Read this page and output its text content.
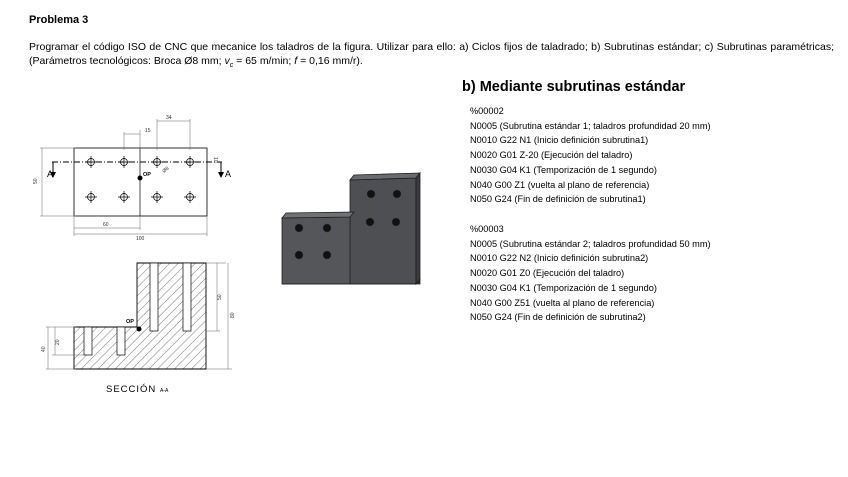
Problema 3
Programar el código ISO de CNC que mecanice los taladros de la figura. Utilizar para ello: a) Ciclos fijos de taladrado; b) Subrutinas estándar; c) Subrutinas paramétricas; (Parámetros tecnológicos: Broca Ø8 mm; $v_c = 65$ m/min; f = 0,16 mm/r).
b) Mediante subrutinas estándar
%00002
N0005 (Subrutina estándar 1; taladros profundidad 20 mm)
N0010 G22 N1 (Inicio definición subrutina1)
N0020 G01 Z-20 (Ejecución del taladro)
N0030 G04 K1 (Temporización de 1 segundo)
N040 G00 Z1 (vuelta al plano de referencia)
N050 G24 (Fin de definición de subrutina1)
%00003
N0005 (Subrutina estándar 2; taladros profundidad 50 mm)
N0010 G22 N2 (Inicio definición subrutina2)
N0020 G01 Z0 (Ejecución del taladro)
N0030 G04 K1 (Temporización de 1 segundo)
N040 G00 Z51 (vuelta al plano de referencia)
N050 G24 (Fin de definición de subrutina2)
A	A
OP
Ø8
34
15
10
50
60
100
OP
50
80
20
40
SECCIÓN A-A
